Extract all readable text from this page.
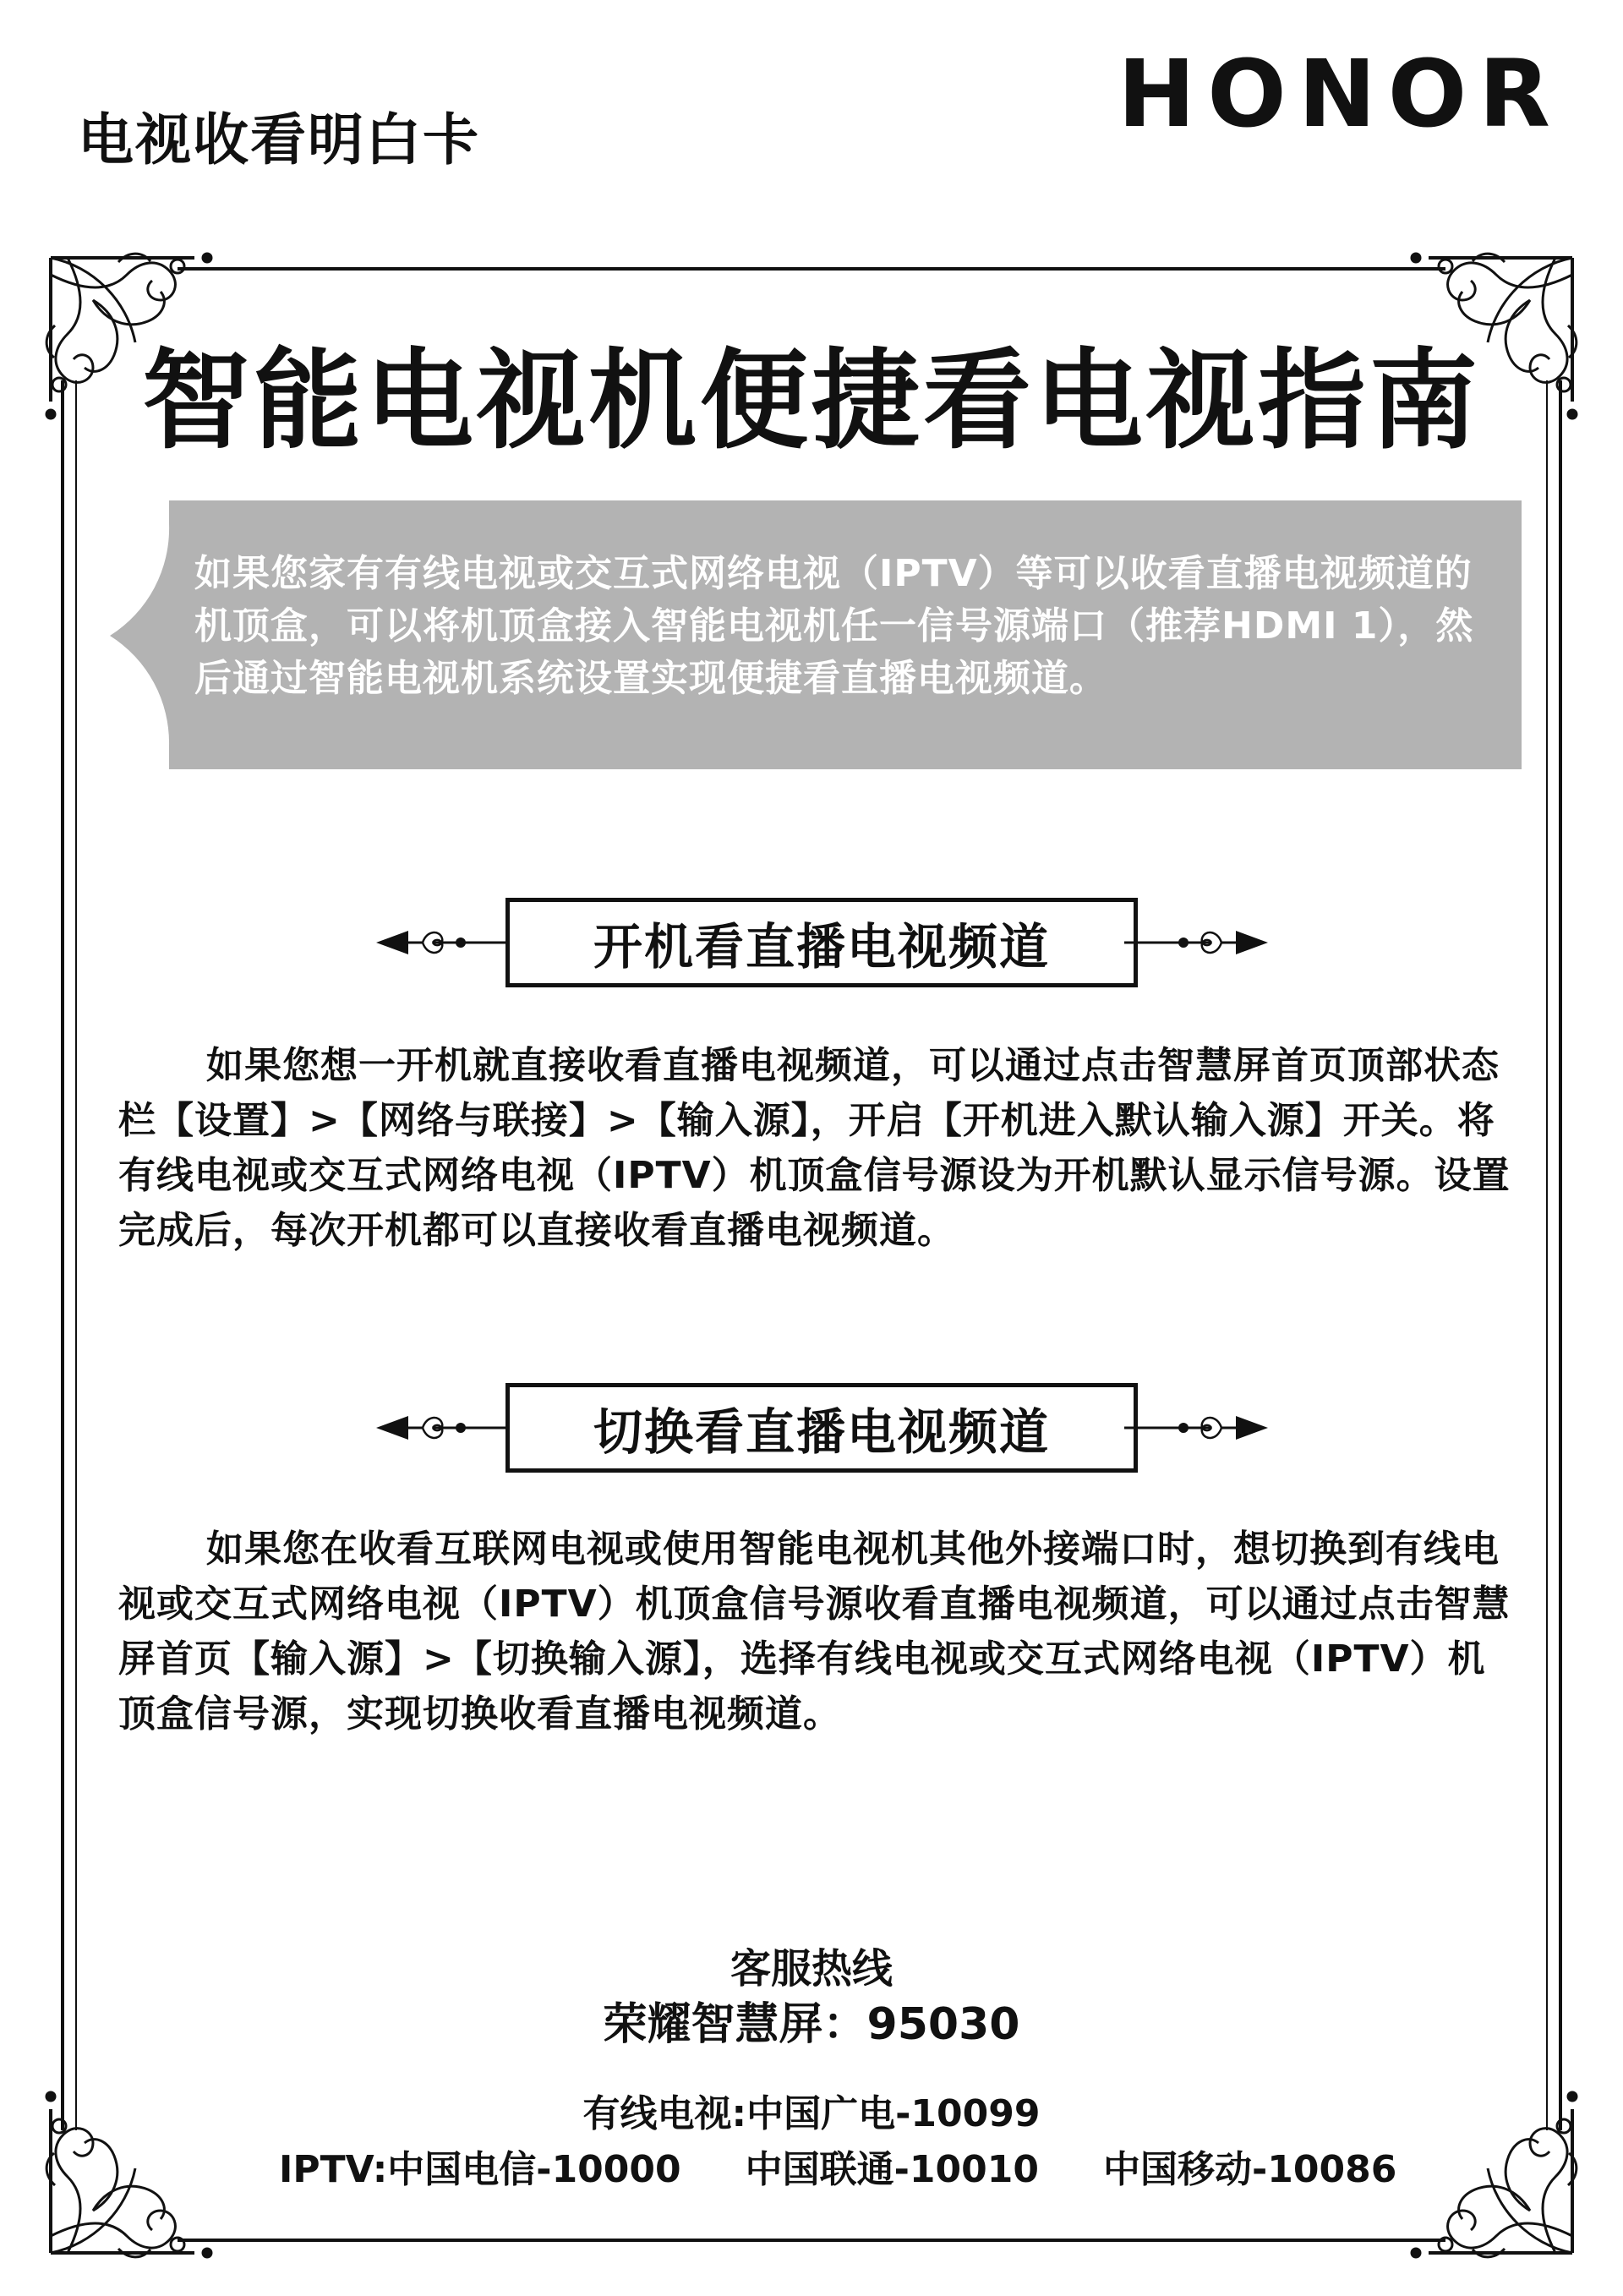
电视收看明白卡	HONOR
智能电视机便捷看电视指南
如果您家有有线电视或交互式网络电视（IPTV）等可以收看直播电视频道的机顶盒，可以将机顶盒接入智能电视机任一信号源端口（推荐HDMI 1），然后通过智能电视机系统设置实现便捷看直播电视频道。
开机看直播电视频道
如果您想一开机就直接收看直播电视频道，可以通过点击智慧屏首页顶部状态栏【设置】>【网络与联接】>【输入源】，开启【开机进入默认输入源】开关。将有线电视或交互式网络电视（IPTV）机顶盒信号源设为开机默认显示信号源。设置完成后，每次开机都可以直接收看直播电视频道。
切换看直播电视频道
如果您在收看互联网电视或使用智能电视机其他外接端口时，想切换到有线电视或交互式网络电视（IPTV）机顶盒信号源收看直播电视频道，可以通过点击智慧屏首页【输入源】>【切换输入源】，选择有线电视或交互式网络电视（IPTV）机顶盒信号源，实现切换收看直播电视频道。
客服热线
荣耀智慧屏：95030
有线电视:中国广电-10099
IPTV:中国电信-10000 中国联通-10010 中国移动-10086
